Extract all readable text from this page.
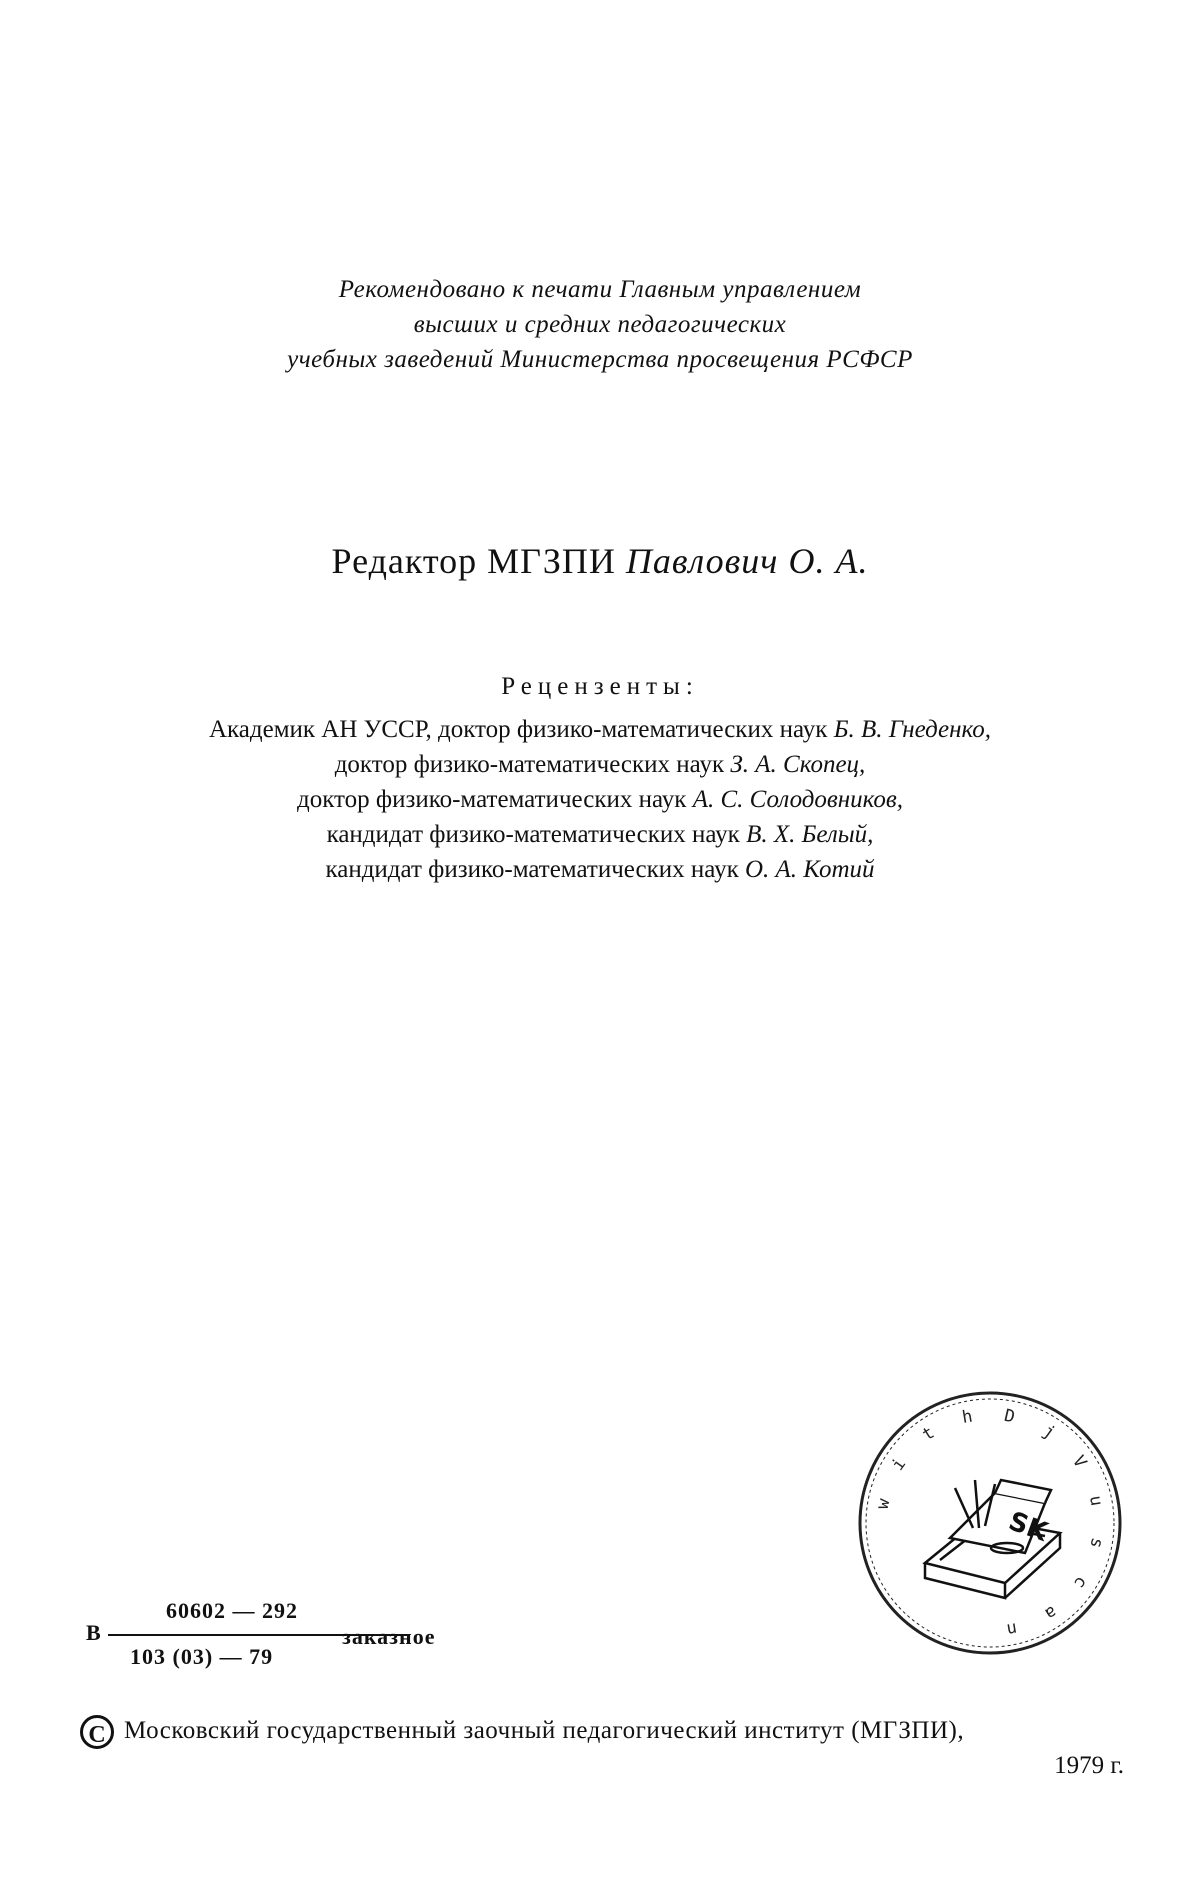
Рекомендовано к печати Главным управлением
высших и средних педагогических
учебных заведений Министерства просвещения РСФСР
Редактор МГЗПИ Павлович О. А.
Рецензенты:
Академик АН УССР, доктор физико-математических наук Б. В. Гнеденко,
доктор физико-математических наук З. А. Скопец,
доктор физико-математических наук А. С. Солодовников,
кандидат физико-математических наук В. Х. Белый,
кандидат физико-математических наук О. А. Котий
В
60602 — 292
103 (03) — 79
заказное
w i t h D j V u s c a n
SK
C Московский государственный заочный педагогический институт (МГЗПИ),
1979 г.
